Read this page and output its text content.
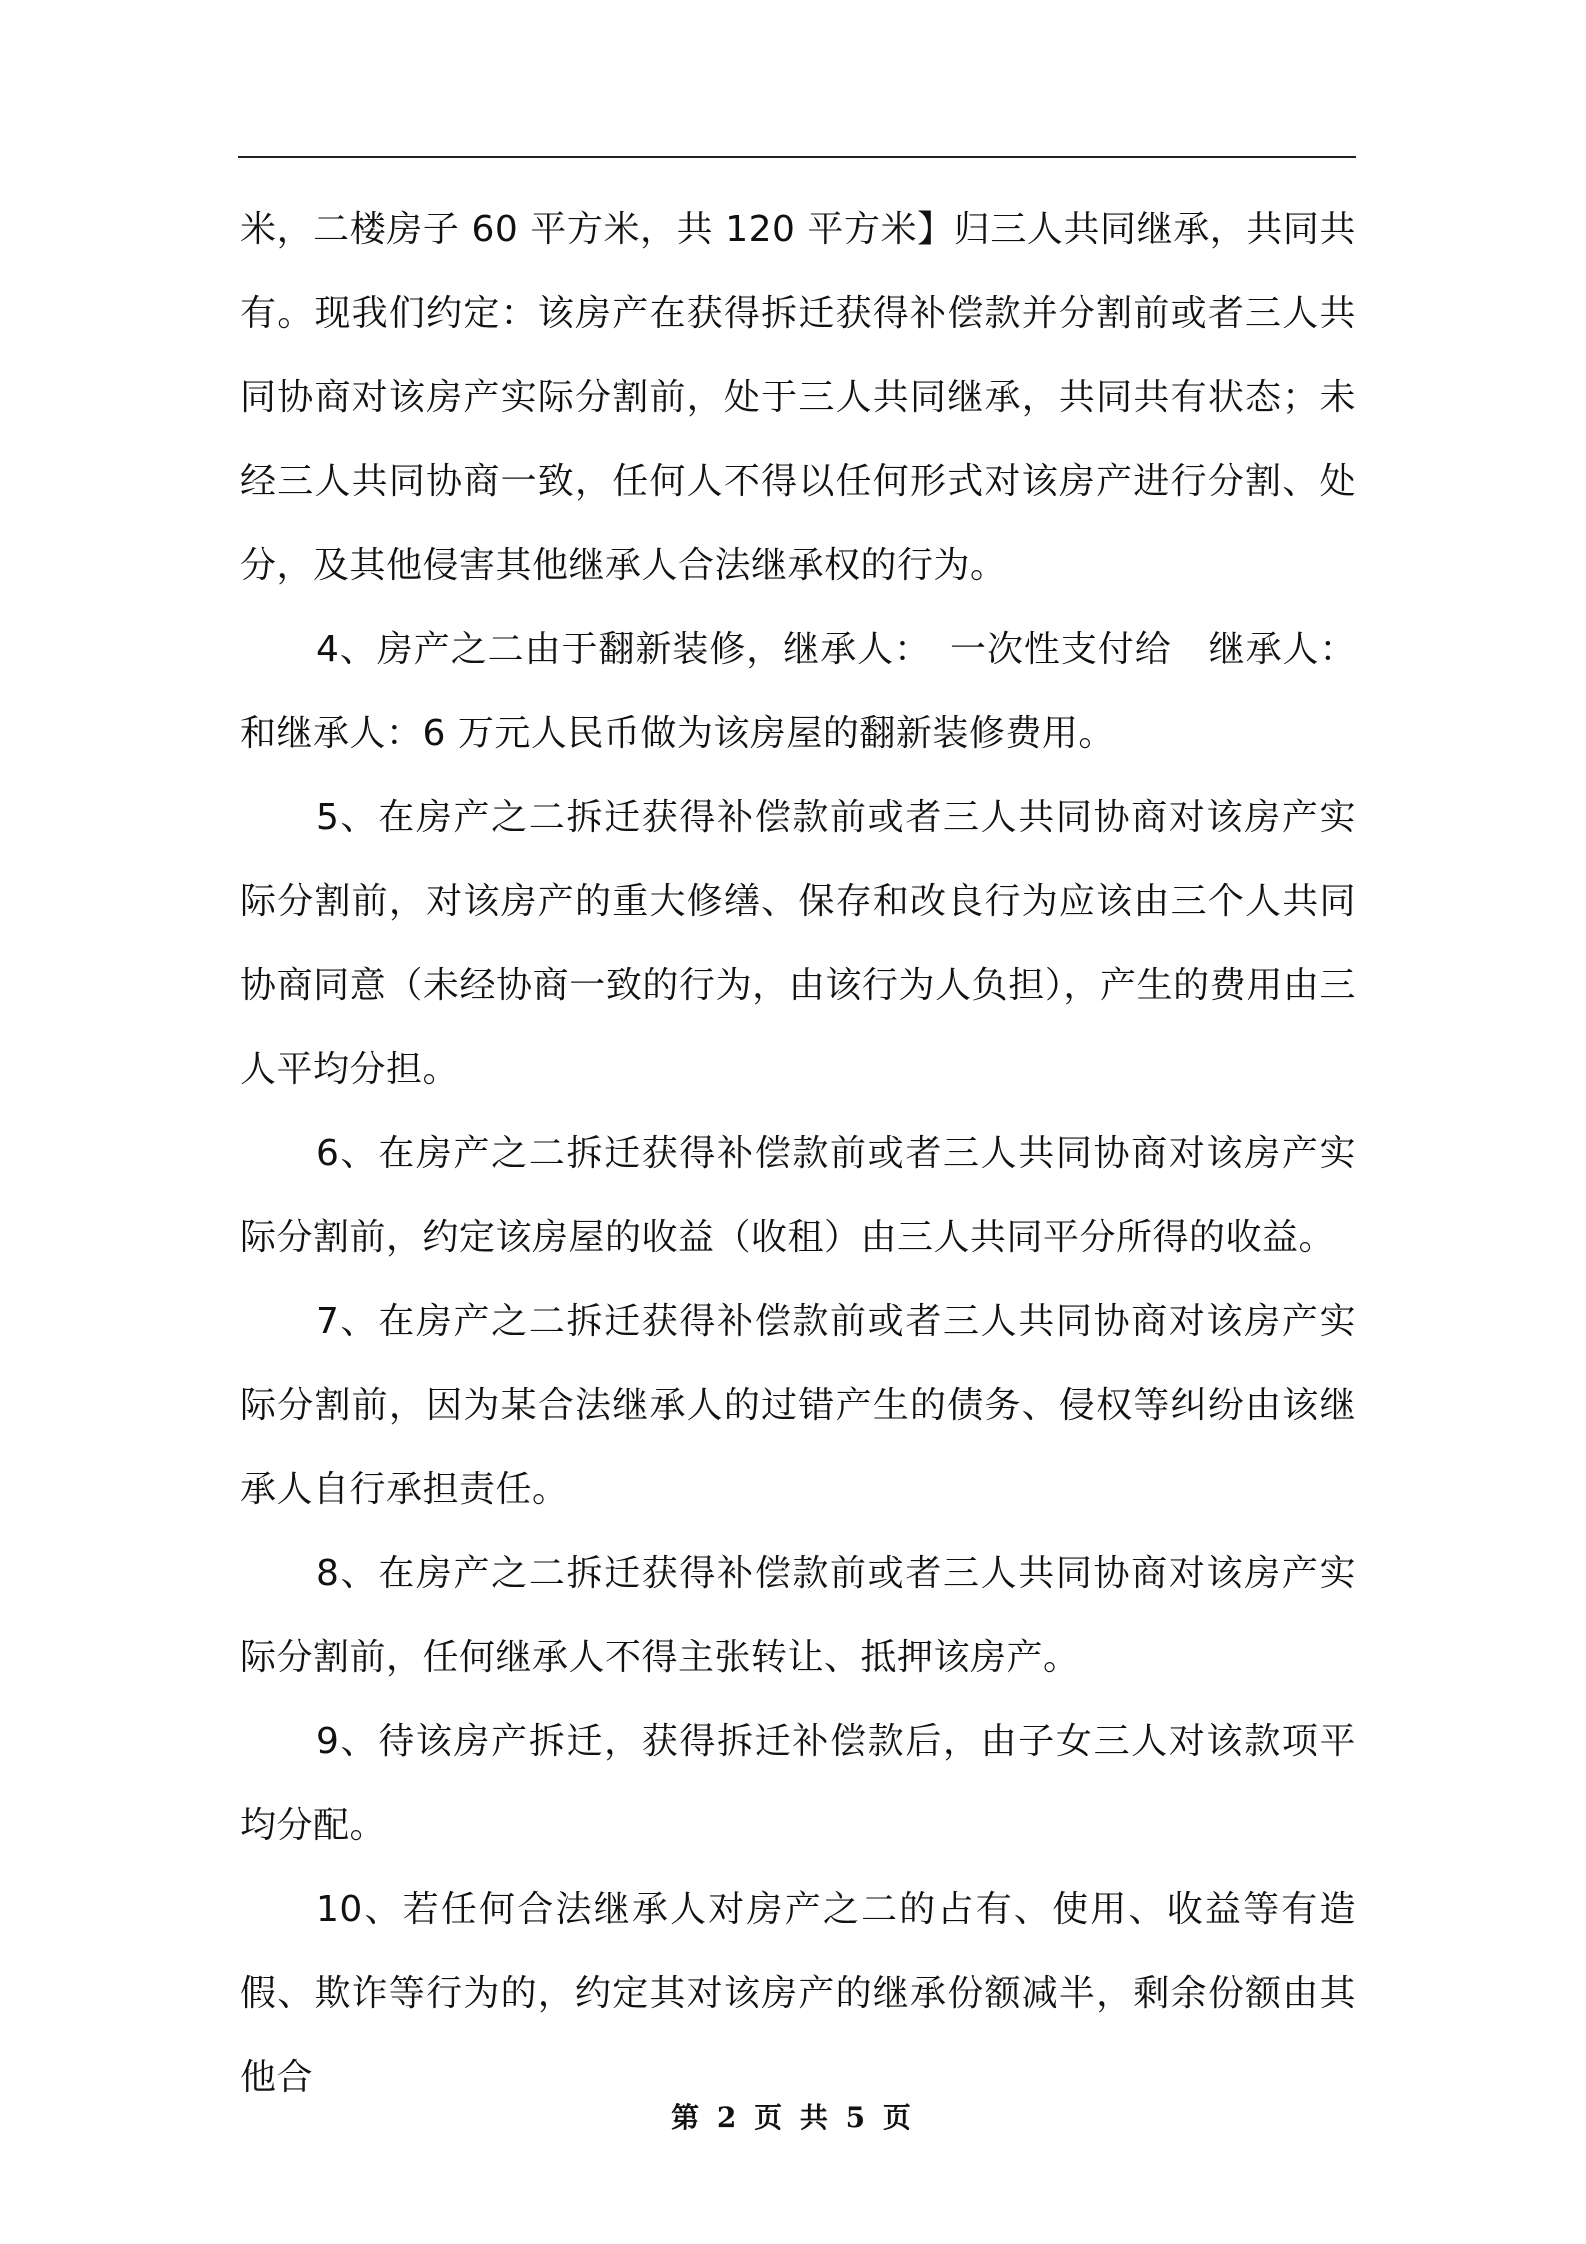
米，二楼房子 60 平方米，共 120 平方米】归三人共同继承，共同共有。现我们约定：该房产在获得拆迁获得补偿款并分割前或者三人共同协商对该房产实际分割前，处于三人共同继承，共同共有状态；未经三人共同协商一致，任何人不得以任何形式对该房产进行分割、处分，及其他侵害其他继承人合法继承权的行为。

4、房产之二由于翻新装修，继承人：　一次性支付给　继承人：和继承人：6 万元人民币做为该房屋的翻新装修费用。

5、在房产之二拆迁获得补偿款前或者三人共同协商对该房产实际分割前，对该房产的重大修缮、保存和改良行为应该由三个人共同协商同意（未经协商一致的行为，由该行为人负担），产生的费用由三人平均分担。

6、在房产之二拆迁获得补偿款前或者三人共同协商对该房产实际分割前，约定该房屋的收益（收租）由三人共同平分所得的收益。

7、在房产之二拆迁获得补偿款前或者三人共同协商对该房产实际分割前，因为某合法继承人的过错产生的债务、侵权等纠纷由该继承人自行承担责任。

8、在房产之二拆迁获得补偿款前或者三人共同协商对该房产实际分割前，任何继承人不得主张转让、抵押该房产。

9、待该房产拆迁，获得拆迁补偿款后，由子女三人对该款项平均分配。

10、若任何合法继承人对房产之二的占有、使用、收益等有造假、欺诈等行为的，约定其对该房产的继承份额减半，剩余份额由其他合

第 2 页 共 5 页
